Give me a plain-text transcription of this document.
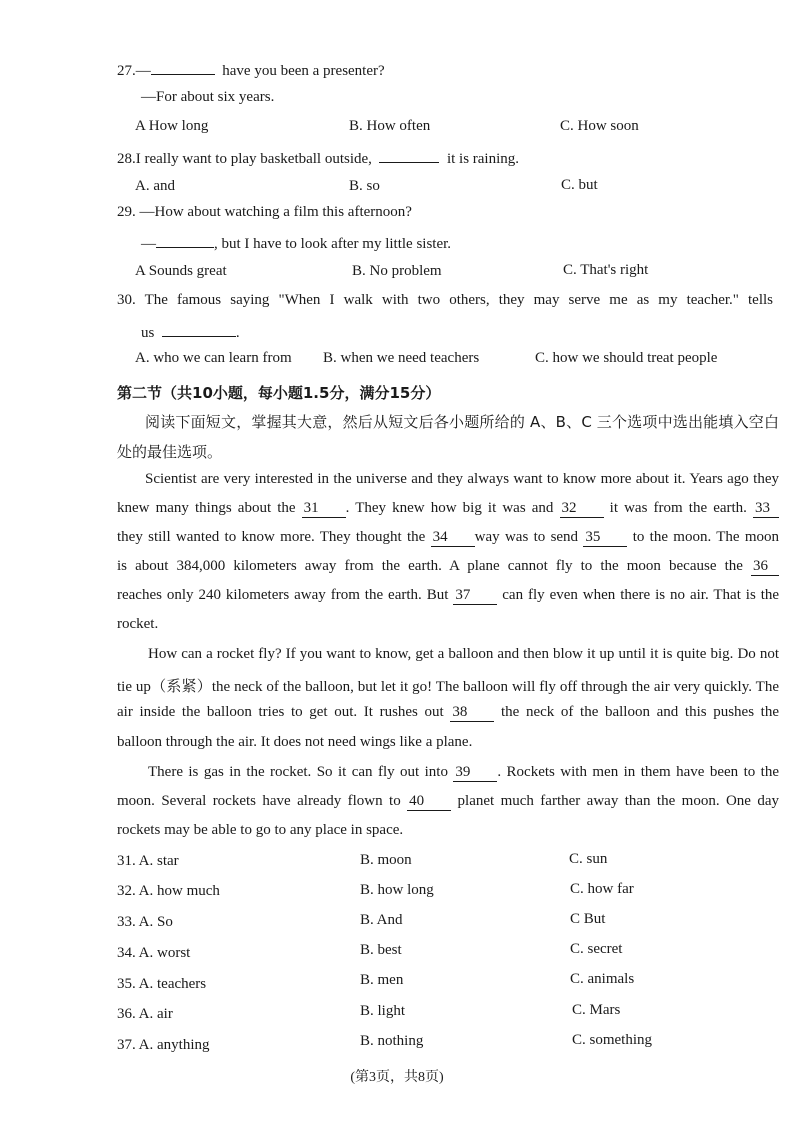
27.—	have you been a presenter?
—For about six years.
A How long	B. How often	C. How soon
28.I really want to play basketball outside,	it is raining.
A. and	B. so	C. but
29. —How about watching a film this afternoon?
—	, but I have to look after my little sister.
A Sounds great	B. No problem	C. That's right
30. The famous saying "When I walk with two others, they may serve me as my teacher." tells
us	.
A. who we can learn from B. when we need teachers	C. how we should treat people
第二节（共10小题，每小题1.5分，满分15分）
阅读下面短文，掌握其大意，然后从短文后各小题所给的 A、B、C 三个选项中选出能填入空白
处的最佳选项。
Scientist are very interested in the universe and they always want to know more about it. Years ago they
knew many things about the 31 . They knew how big it was and 32 it was from the earth. 33
they still wanted to know more. They thought the 34 way was to send 35 to the moon. The moon
is about 384,000 kilometers away from the earth. A plane cannot fly to the moon because the 36
reaches only 240 kilometers away from the earth. But 37 can fly even when there is no air. That is the
rocket.
How can a rocket fly? If you want to know, get a balloon and then blow it up until it is quite big. Do not
tie up（系紧）the neck of the balloon, but let it go! The balloon will fly off through the air very quickly. The
air inside the balloon tries to get out. It rushes out 38 the neck of the balloon and this pushes the
balloon through the air. It does not need wings like a plane.
There is gas in the rocket. So it can fly out into 39 . Rockets with men in them have been to the
moon. Several rockets have already flown to 40 planet much farther away than the moon. One day
rockets may be able to go to any place in space.
31. A. star	B. moon	C. sun
32. A. how much	B. how long	C. how far
33. A. So	B. And	C But
34. A. worst	B. best	C. secret
35. A. teachers	B. men	C. animals
36. A. air	B. light	C. Mars
37. A. anything	B. nothing	C. something
(第3页，共8页)
